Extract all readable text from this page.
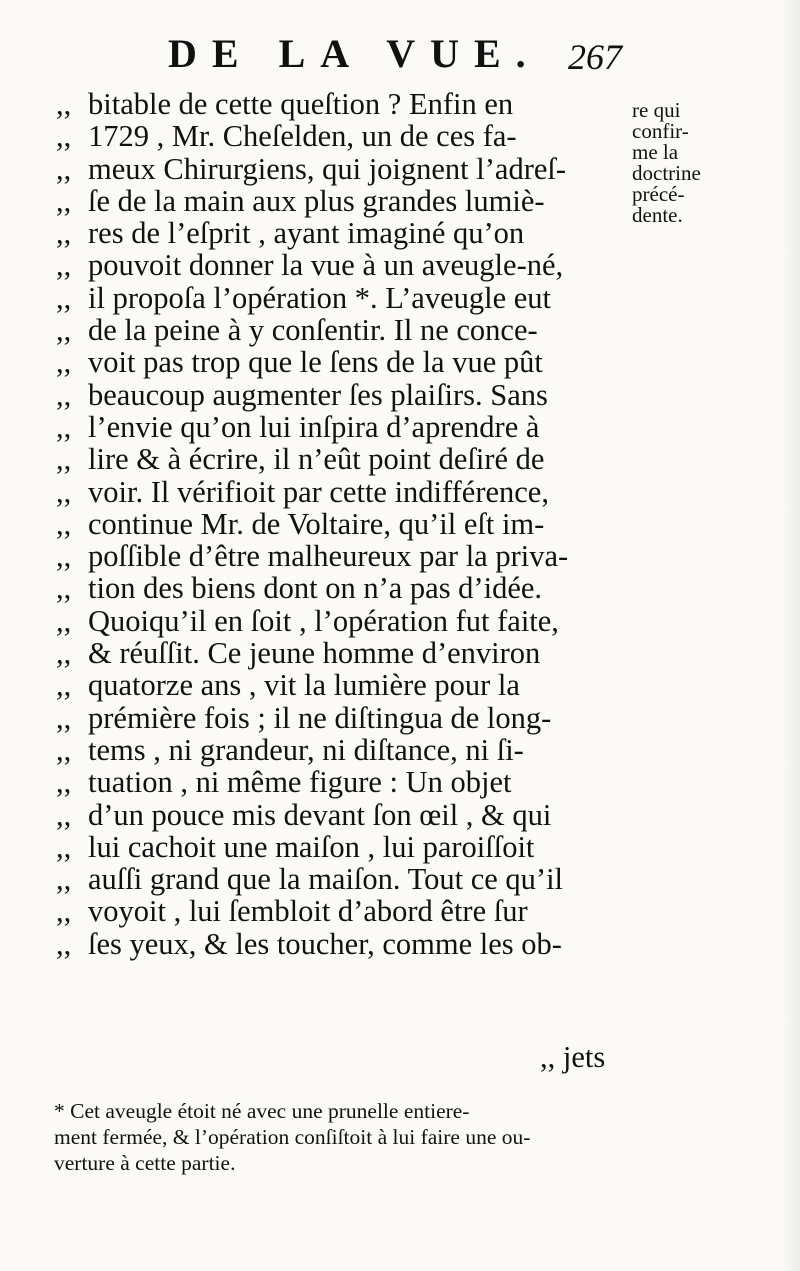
DE LA VUE. 267
,, bitable de cette queſtion ? Enfin en
,, 1729 , Mr. Cheſelden, un de ces fa-
,, meux Chirurgiens, qui joignent l’adreſ-
,, ſe de la main aux plus grandes lumiè-
,, res de l’eſprit , ayant imaginé qu’on
,, pouvoit donner la vue à un aveugle-né,
,, il propoſa l’opération *. L’aveugle eut
,, de la peine à y conſentir. Il ne conce-
,, voit pas trop que le ſens de la vue pût
,, beaucoup augmenter ſes plaiſirs. Sans
,, l’envie qu’on lui inſpira d’aprendre à
,, lire & à écrire, il n’eût point deſiré de
,, voir. Il vérifioit par cette indifférence,
,, continue Mr. de Voltaire, qu’il eſt im-
,, poſſible d’être malheureux par la priva-
,, tion des biens dont on n’a pas d’idée.
,, Quoiqu’il en ſoit , l’opération fut faite,
,, & réuſſit. Ce jeune homme d’environ
,, quatorze ans , vit la lumière pour la
,, prémière fois ; il ne diſtingua de long-
,, tems , ni grandeur, ni diſtance, ni ſi-
,, tuation , ni même figure : Un objet
,, d’un pouce mis devant ſon œil , & qui
,, lui cachoit une maiſon , lui paroiſſoit
,, auſſi grand que la maiſon. Tout ce qu’il
,, voyoit , lui ſembloit d’abord être ſur
,, ſes yeux, & les toucher, comme les ob-
,, jets
re qui
confir-
me la
doctrine
précé-
dente.
* Cet aveugle étoit né avec une prunelle entiere-
ment fermée, & l’opération conſiſtoit à lui faire une ou-
verture à cette partie.
